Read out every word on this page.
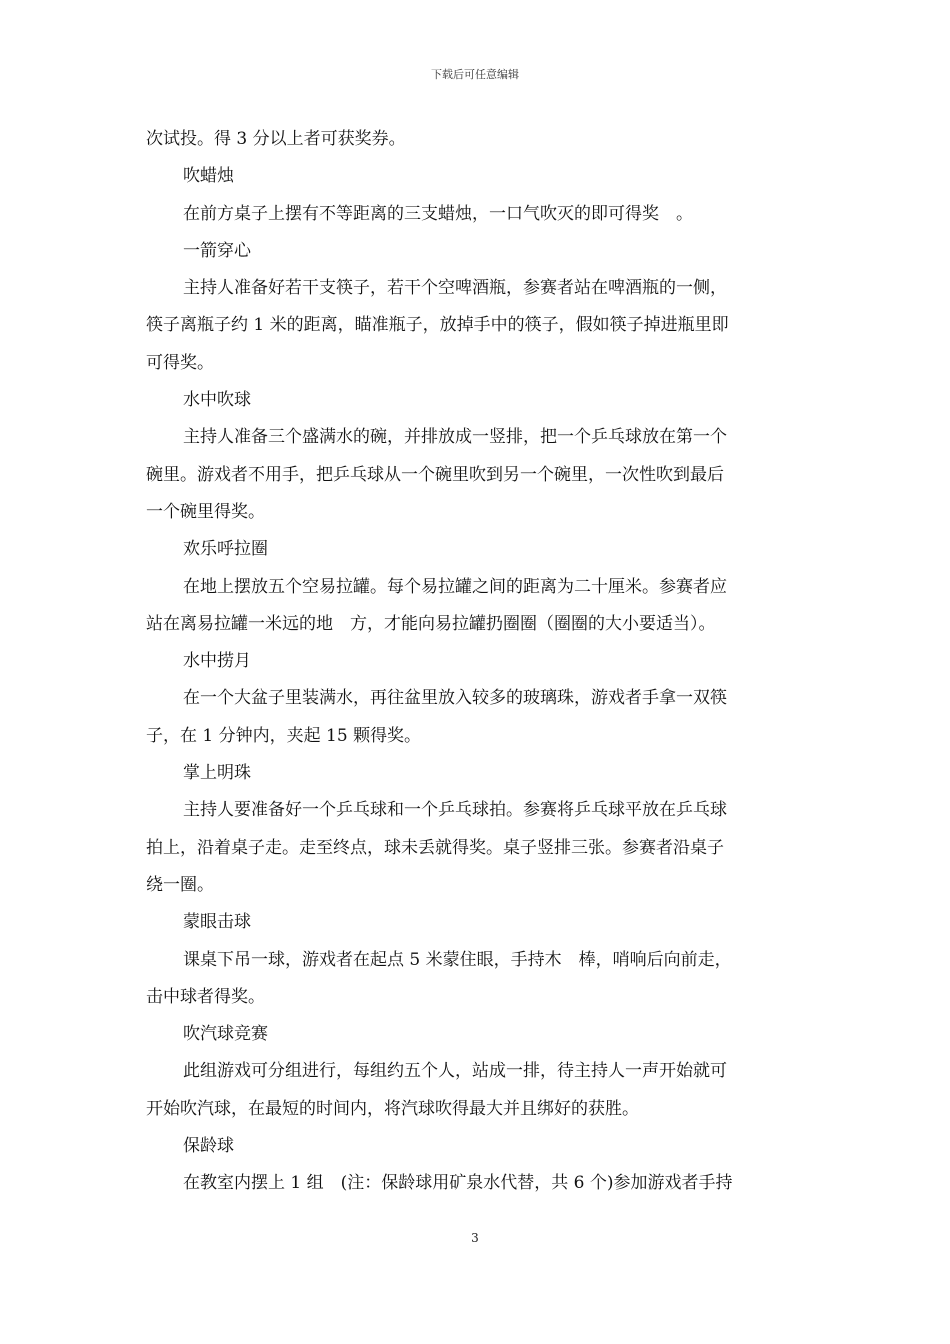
下载后可任意编辑
次试投。得 3 分以上者可获奖券。
吹蜡烛
在前方桌子上摆有不等距离的三支蜡烛，一口气吹灭的即可得奖　。
一箭穿心
主持人准备好若干支筷子，若干个空啤酒瓶，参赛者站在啤酒瓶的一侧，
筷子离瓶子约 1 米的距离，瞄准瓶子，放掉手中的筷子，假如筷子掉进瓶里即
可得奖。
水中吹球
主持人准备三个盛满水的碗，并排放成一竖排，把一个乒乓球放在第一个
碗里。游戏者不用手，把乒乓球从一个碗里吹到另一个碗里，一次性吹到最后
一个碗里得奖。
欢乐呼拉圈
在地上摆放五个空易拉罐。每个易拉罐之间的距离为二十厘米。参赛者应
站在离易拉罐一米远的地　方，才能向易拉罐扔圈圈（圈圈的大小要适当）。
水中捞月
在一个大盆子里装满水，再往盆里放入较多的玻璃珠，游戏者手拿一双筷
子，在 1 分钟内，夹起 15 颗得奖。
掌上明珠
主持人要准备好一个乒乓球和一个乒乓球拍。参赛将乒乓球平放在乒乓球
拍上，沿着桌子走。走至终点，球未丢就得奖。桌子竖排三张。参赛者沿桌子
绕一圈。
蒙眼击球
课桌下吊一球，游戏者在起点 5 米蒙住眼，手持木　棒，哨响后向前走，
击中球者得奖。
吹汽球竞赛
此组游戏可分组进行，每组约五个人，站成一排，待主持人一声开始就可
开始吹汽球，在最短的时间内，将汽球吹得最大并且绑好的获胜。
保龄球
在教室内摆上 1 组　(注：保龄球用矿泉水代替，共 6 个)参加游戏者手持
3
